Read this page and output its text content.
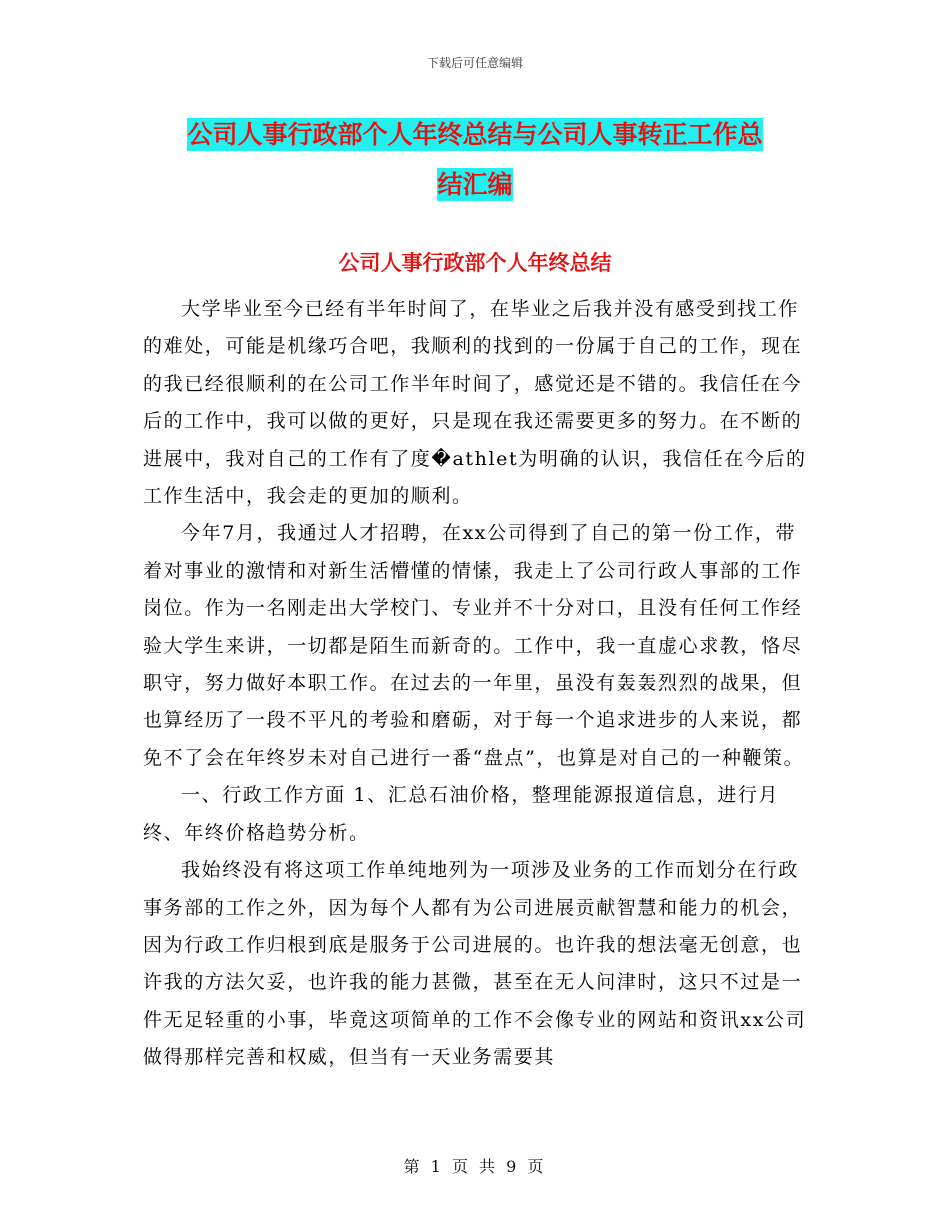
下载后可任意编辑
公司人事行政部个人年终总结与公司人事转正工作总
结汇编
公司人事行政部个人年终总结

大学毕业至今已经有半年时间了，在毕业之后我并没有感受到找工作的难处，可能是机缘巧合吧，我顺利的找到的一份属于自己的工作，现在的我已经很顺利的在公司工作半年时间了，感觉还是不错的。我信任在今后的工作中，我可以做的更好，只是现在我还需要更多的努力。在不断的进展中，我对自己的工作有了度�athlet为明确的认识，我信任在今后的工作生活中，我会走的更加的顺利。

今年7月，我通过人才招聘，在xx公司得到了自己的第一份工作，带着对事业的激情和对新生活懵懂的情愫，我走上了公司行政人事部的工作岗位。作为一名刚走出大学校门、专业并不十分对口，且没有任何工作经验大学生来讲，一切都是陌生而新奇的。工作中，我一直虚心求教，恪尽职守，努力做好本职工作。在过去的一年里，虽没有轰轰烈烈的战果，但也算经历了一段不平凡的考验和磨砺，对于每一个追求进步的人来说，都免不了会在年终岁未对自己进行一番“盘点”，也算是对自己的一种鞭策。

一、行政工作方面 1、汇总石油价格，整理能源报道信息，进行月终、年终价格趋势分析。

我始终没有将这项工作单纯地列为一项涉及业务的工作而划分在行政事务部的工作之外，因为每个人都有为公司进展贡献智慧和能力的机会，因为行政工作归根到底是服务于公司进展的。也许我的想法毫无创意，也许我的方法欠妥，也许我的能力甚微，甚至在无人问津时，这只不过是一件无足轻重的小事，毕竟这项简单的工作不会像专业的网站和资讯xx公司做得那样完善和权威，但当有一天业务需要其

第 1 页 共 9 页
